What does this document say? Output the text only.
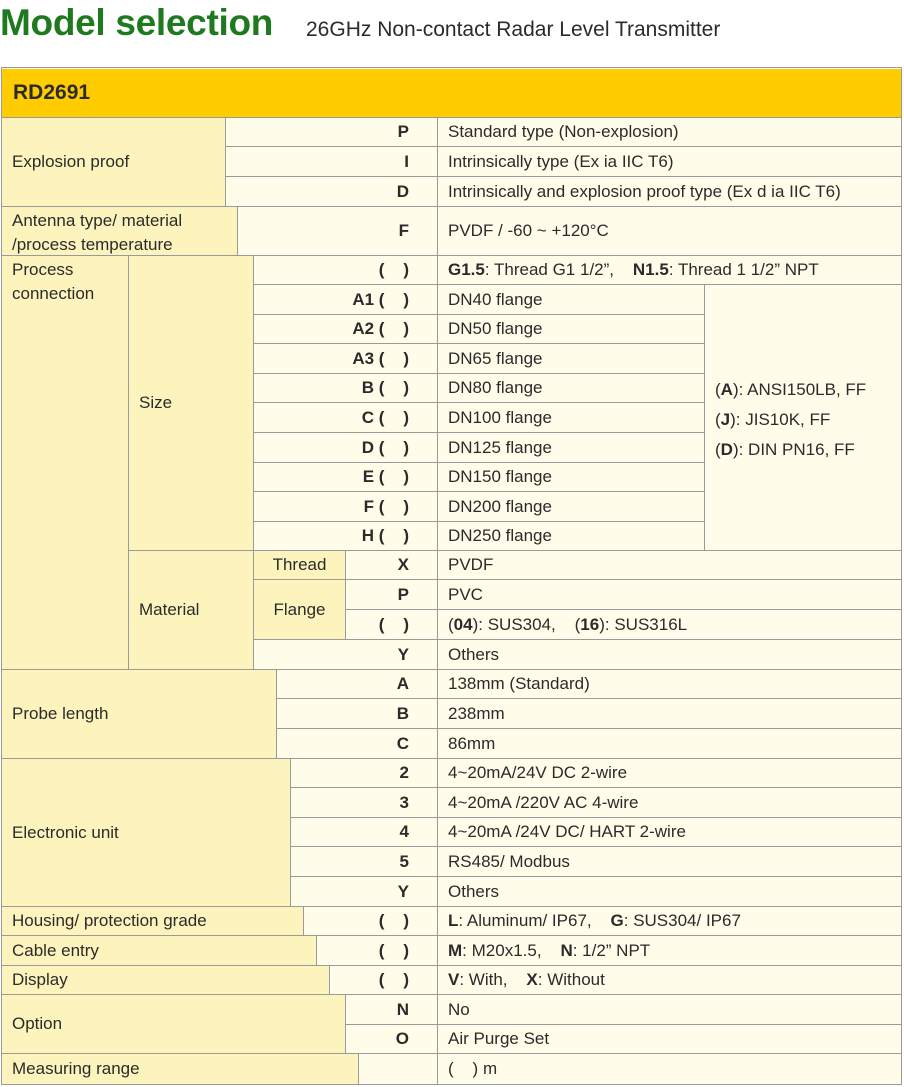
Model selection 26GHz Non-contact Radar Level Transmitter
RD2691
Explosion proof
P	Standard type (Non-explosion)
I	Intrinsically type (Ex ia IIC T6)
D	Intrinsically and explosion proof type (Ex d ia IIC T6)
Antenna type/ material
/process temperature
F	PVDF / -60 ~ +120°C
Process
connection
Size
(    )	G1.5 : Thread G1 1/2”, N1.5 : Thread 1 1/2” NPT
A1 (    )	DN40 flange
A2 (    )	DN50 flange
A3 (    )	DN65 flange
B (    )	DN80 flange
C (    )	DN100 flange
D (    )	DN125 flange
E (    )	DN150 flange
F (    )	DN200 flange
H (    )	DN250 flange
(A): ANSI150LB, FF
(J): JIS10K, FF
(D): DIN PN16, FF
Material
Thread
Flange
X	PVDF
P	PVC
(    )	( 04 ): SUS304,    ( 16 ): SUS316L
Y	Others
Probe length
A	138mm (Standard)
B	238mm
C	86mm
Electronic unit
2	4~20mA/24V DC 2-wire
3	4~20mA /220V AC 4-wire
4	4~20mA /24V DC/ HART 2-wire
5	RS485/ Modbus
Y	Others
Housing/ protection grade	(    )	L : Aluminum/ IP67, G : SUS304/ IP67
Cable entry	(    )	M : M20x1.5, N : 1/2” NPT
Display	(    )	V : With, X : Without
Option
N	No
O	Air Purge Set
Measuring range	(    ) m
